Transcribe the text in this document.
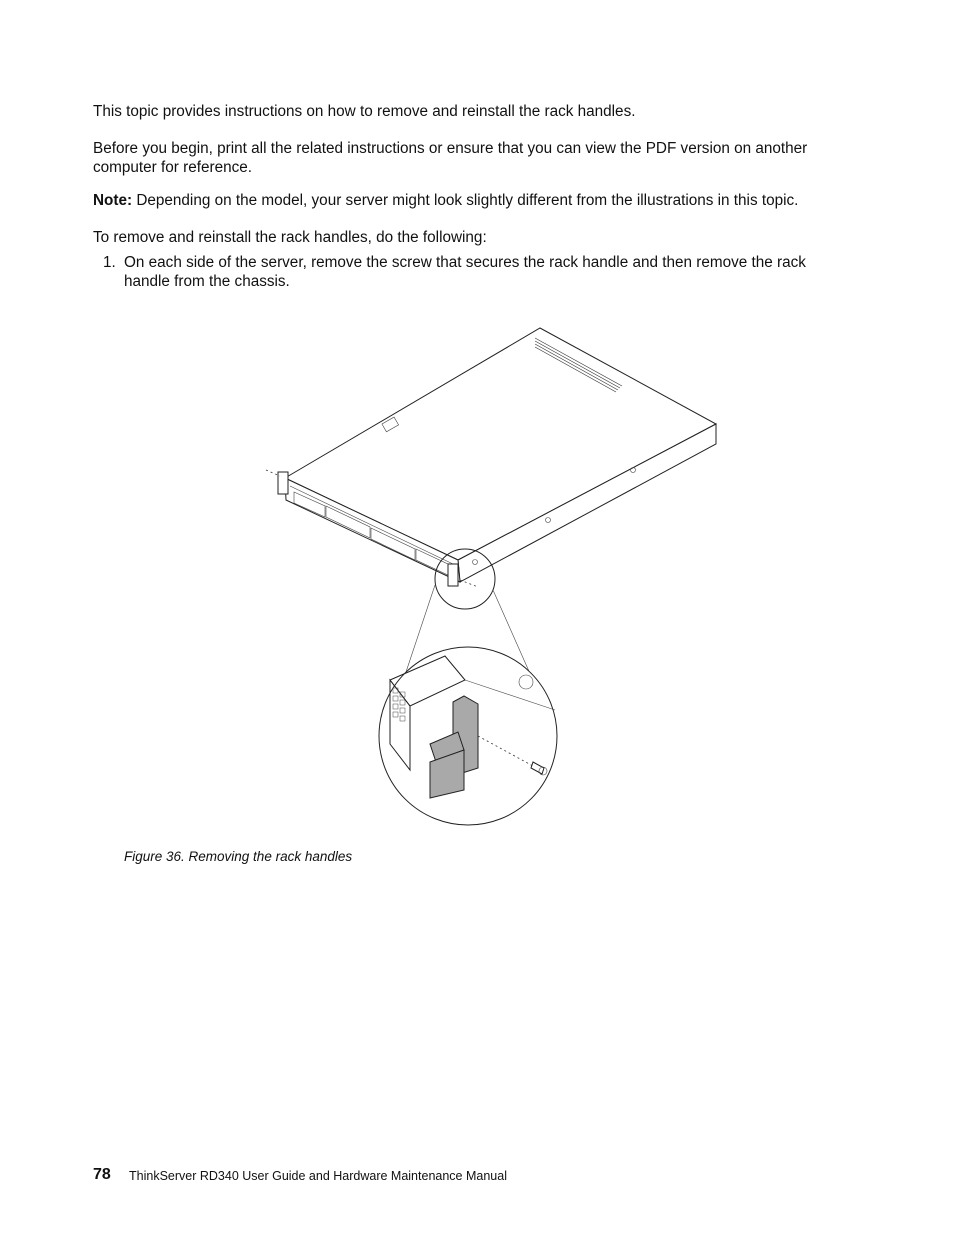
This topic provides instructions on how to remove and reinstall the rack handles.

Before you begin, print all the related instructions or ensure that you can view the PDF version on another computer for reference.

Note: Depending on the model, your server might look slightly different from the illustrations in this topic.

To remove and reinstall the rack handles, do the following:

1. On each side of the server, remove the screw that secures the rack handle and then remove the rack handle from the chassis.

Figure 36. Removing the rack handles
78 ThinkServer RD340 User Guide and Hardware Maintenance Manual
